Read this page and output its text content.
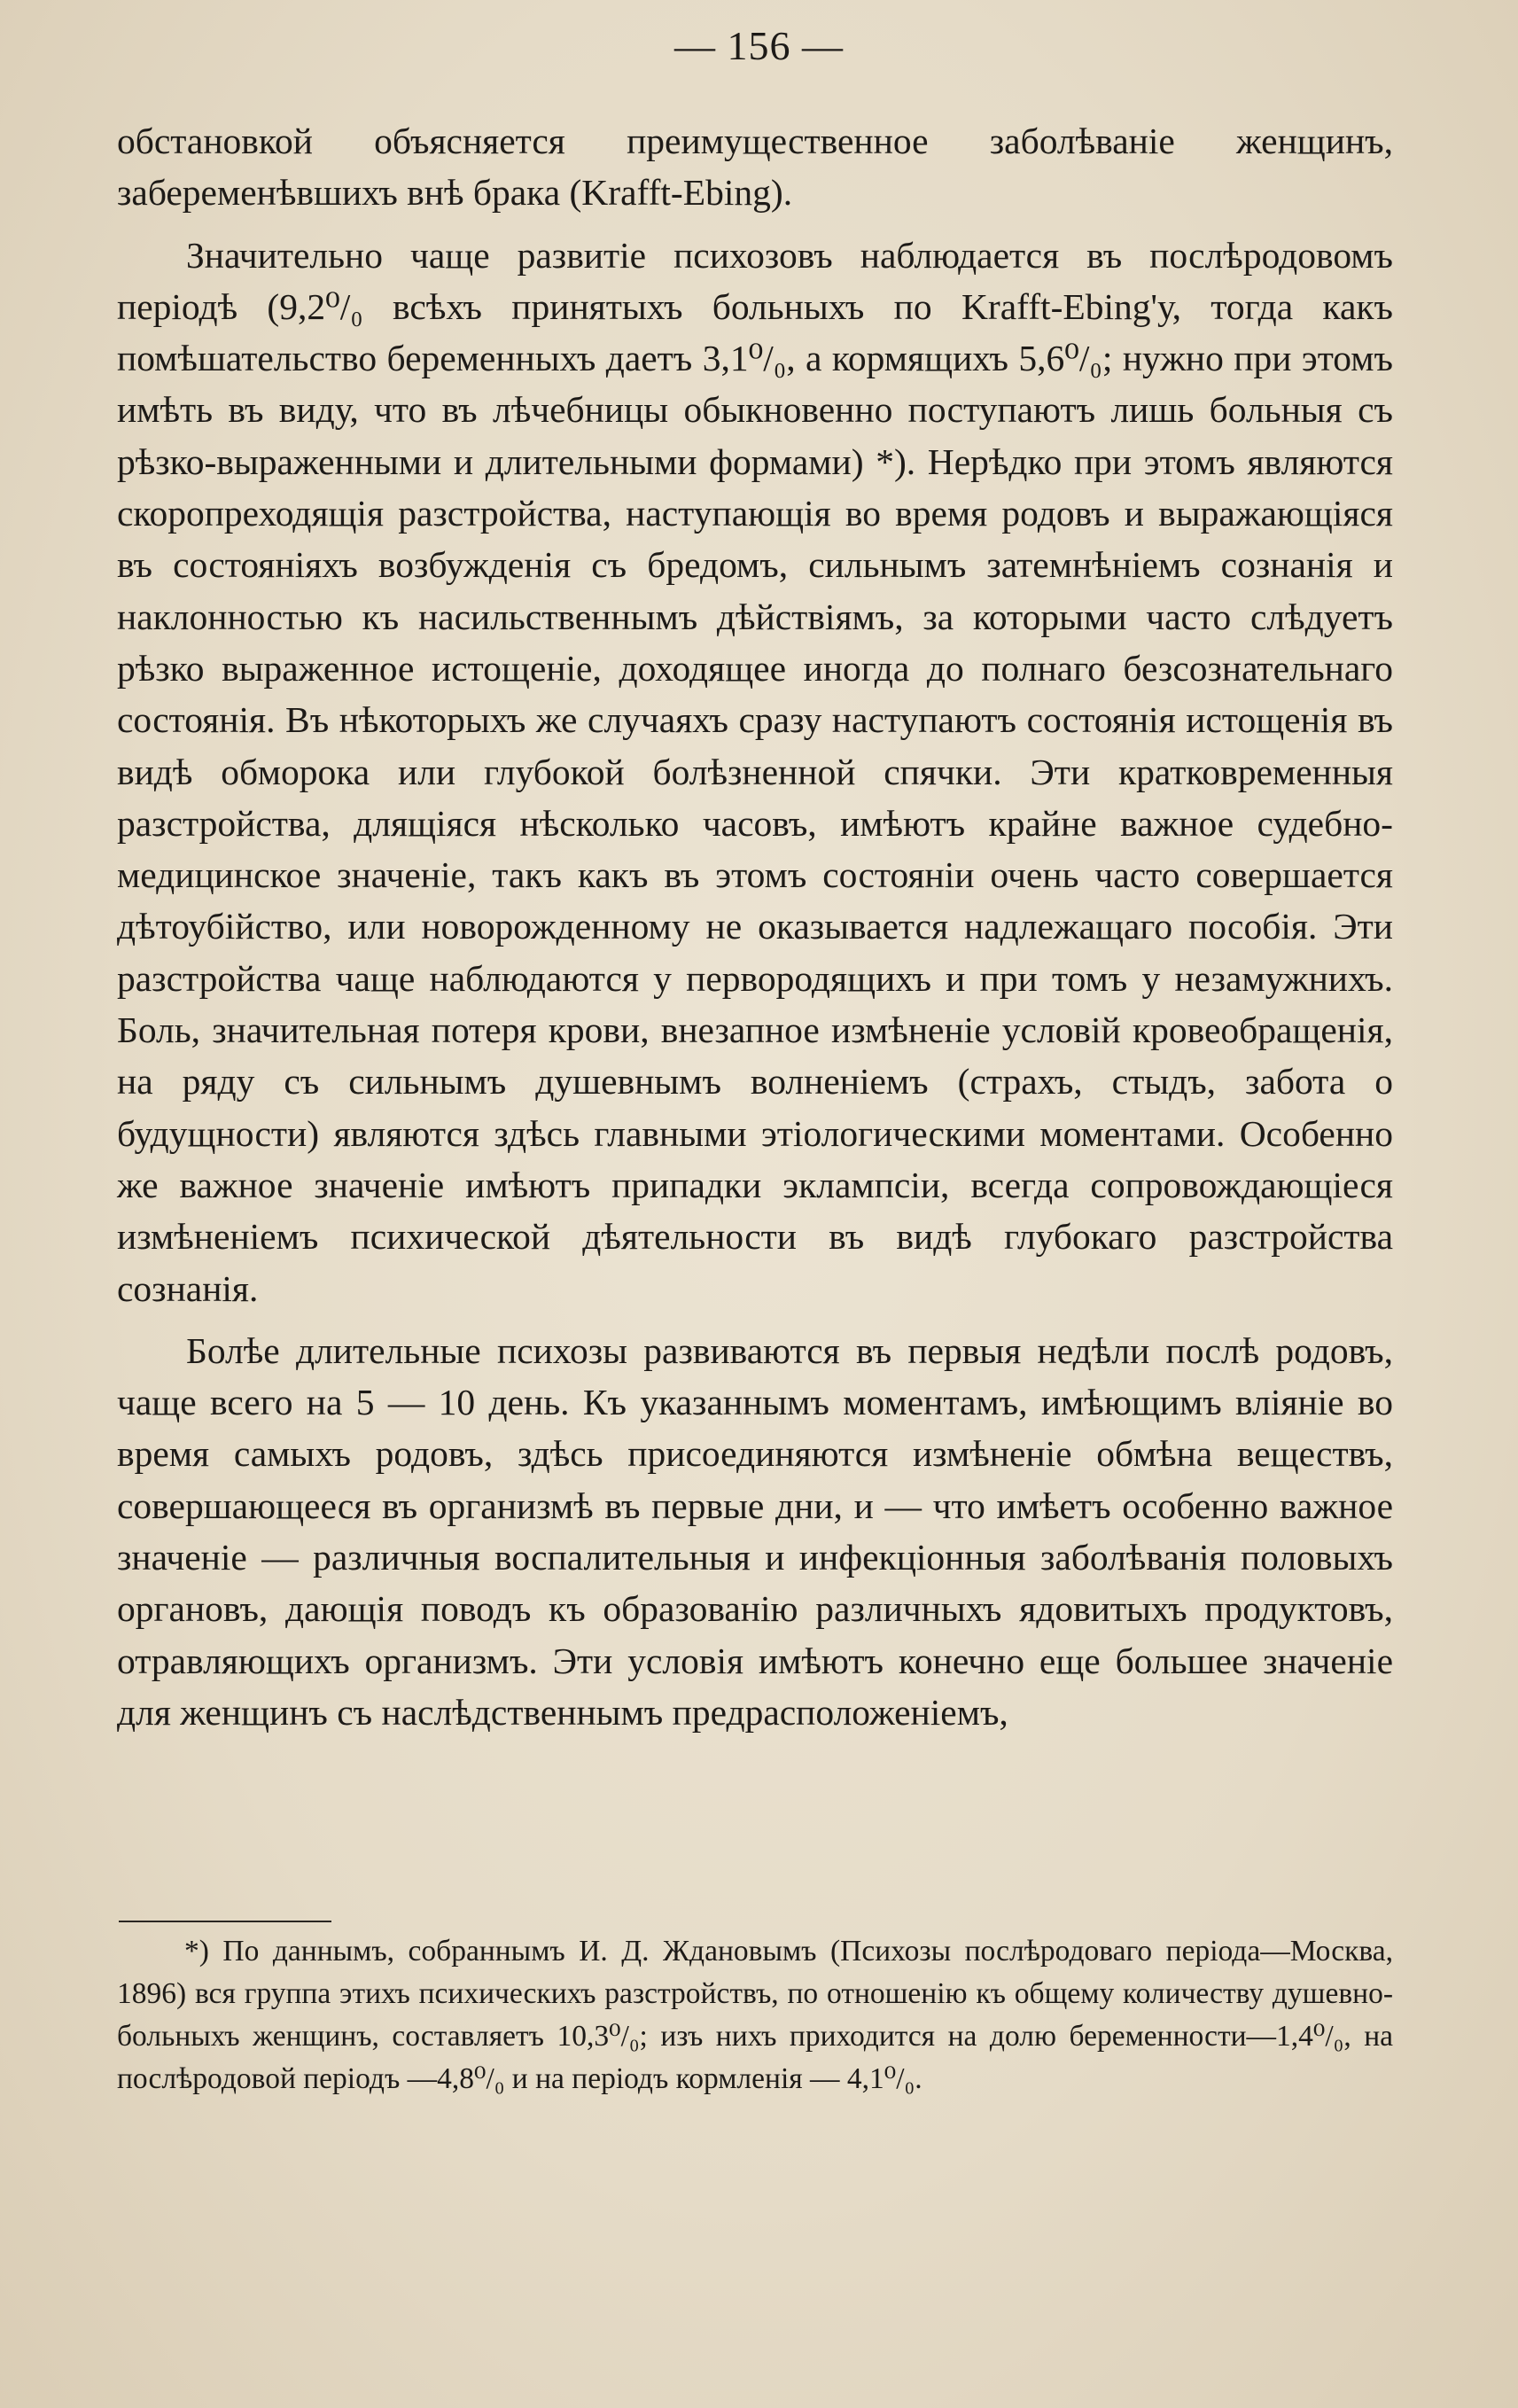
— 156 —

обстановкой объясняется преимущественное заболѣваніе женщинъ, забеременѣвшихъ внѣ брака (Krafft-Ebing).

Значительно чаще развитіе психозовъ наблюдается въ послѣродовомъ періодѣ (9,2⁰/₀ всѣхъ принятыхъ больныхъ по Krafft-Ebing'у, тогда какъ помѣшательство беременныхъ даетъ 3,1⁰/₀, а кормящихъ 5,6⁰/₀; нужно при этомъ имѣть въ виду, что въ лѣчебницы обыкновенно поступаютъ лишь больныя съ рѣзко-выраженными и длительными формами) *). Нерѣдко при этомъ являются скоропреходящія разстройства, наступающія во время родовъ и выражающіяся въ состояніяхъ возбужденія съ бредомъ, сильнымъ затемнѣніемъ сознанія и наклонностью къ насильственнымъ дѣйствіямъ, за которыми часто слѣдуетъ рѣзко выраженное истощеніе, доходящее иногда до полнаго безсознательнаго состоянія. Въ нѣкоторыхъ же случаяхъ сразу наступаютъ состоянія истощенія въ видѣ обморока или глубокой болѣзненной спячки. Эти кратковременныя разстройства, длящіяся нѣсколько часовъ, имѣютъ крайне важное судебно-медицинское значеніе, такъ какъ въ этомъ состояніи очень часто совершается дѣтоубійство, или новорожденному не оказывается надлежащаго пособія. Эти разстройства чаще наблюдаются у первородящихъ и при томъ у незамужнихъ. Боль, значительная потеря крови, внезапное измѣненіе условій кровеобращенія, на ряду съ сильнымъ душевнымъ волненіемъ (страхъ, стыдъ, забота о будущности) являются здѣсь главными этіологическими моментами. Особенно же важное значеніе имѣютъ припадки эклампсіи, всегда сопровождающіеся измѣненіемъ психической дѣятельности въ видѣ глубокаго разстройства сознанія.

Болѣе длительные психозы развиваются въ первыя недѣли послѣ родовъ, чаще всего на 5 — 10 день. Къ указаннымъ моментамъ, имѣющимъ вліяніе во время самыхъ родовъ, здѣсь присоединяются измѣненіе обмѣна веществъ, совершающееся въ организмѣ въ первые дни, и — что имѣетъ особенно важное значеніе — различныя воспалительныя и инфекціонныя заболѣванія половыхъ органовъ, дающія поводъ къ образованію различныхъ ядовитыхъ продуктовъ, отравляющихъ организмъ. Эти условія имѣютъ конечно еще большее значеніе для женщинъ съ наслѣдственнымъ предрасположеніемъ,

*) По даннымъ, собраннымъ И. Д. Ждановымъ (Психозы послѣродоваго періода—Москва, 1896) вся группа этихъ психическихъ разстройствъ, по отношенію къ общему количеству душевно-больныхъ женщинъ, составляетъ 10,3⁰/₀; изъ нихъ приходится на долю беременности—1,4⁰/₀, на послѣродовой періодъ —4,8⁰/₀ и на періодъ кормленія — 4,1⁰/₀.
